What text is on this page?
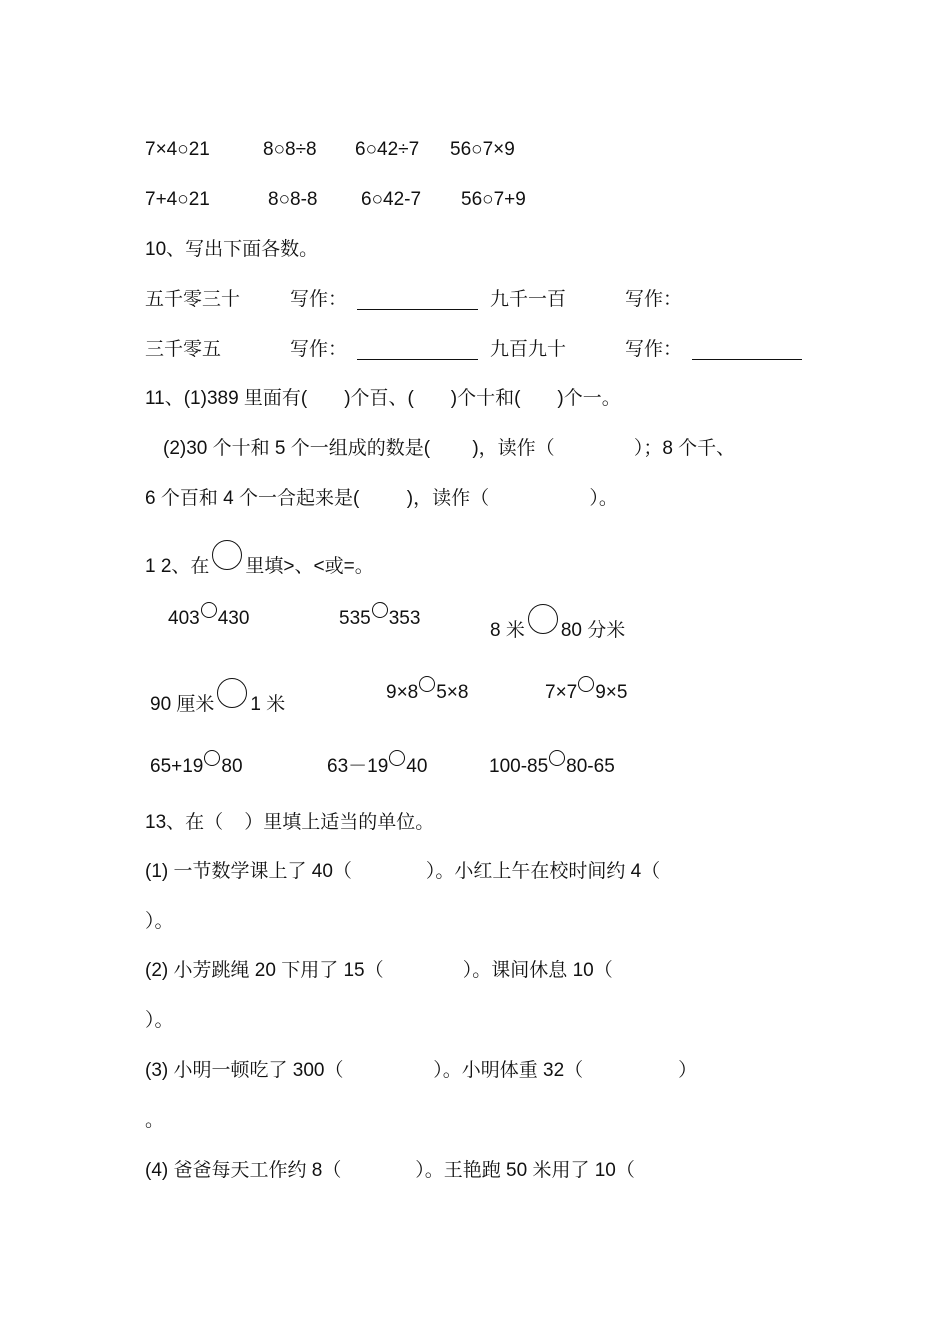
7×4○21	8○8÷8 6○42÷7 56○7×9
7+4○21	8○8-8 6○42-7 56○7+9
10、写出下面各数。
五千零三十	写作：	九千一百	写作：
三千零五	写作：	九百九十	写作：
11、(1)389 里面有(       )个百、(       )个十和(       )个一。
(2)30 个十和 5 个一组成的数是(        )，读作（               ）；8 个千、
6 个百和 4 个一合起来是(         )，读作（                   ）。
1 2、在 里填>、<或=。
403 430	535 353
8 米 80 分米
90 厘米 1 米
9×8 5×8	7×7 9×5
65+19 80	63－19 40	100-85 80-65
13、在（    ）里填上适当的单位。
(1) 一节数学课上了 40（              ）。小红上午在校时间约 4（
）。
(2) 小芳跳绳 20 下用了 15（               ）。课间休息 10（
）。
(3) 小明一顿吃了 300（                 ）。小明体重 32（                  ）
。
(4) 爸爸每天工作约 8（              ）。王艳跑 50 米用了 10（
